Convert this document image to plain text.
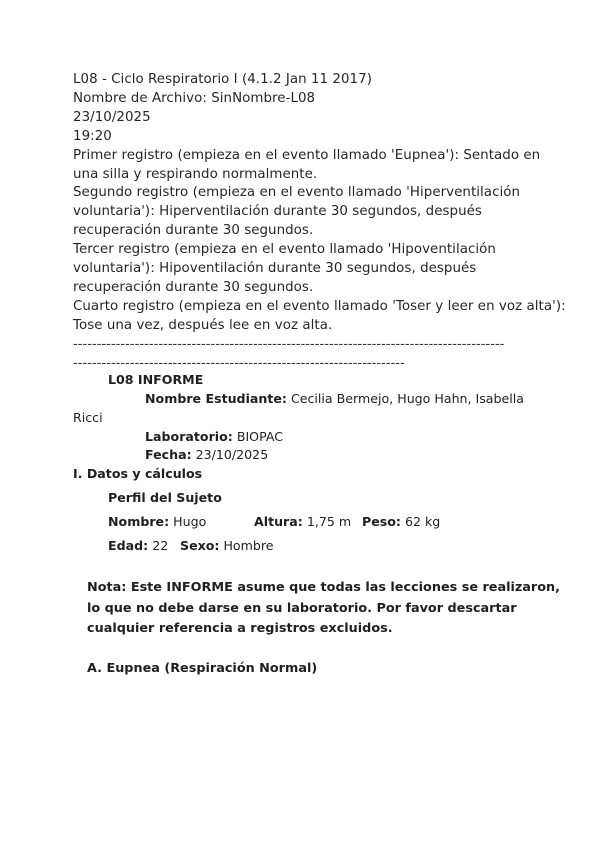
L08 - Ciclo Respiratorio I (4.1.2 Jan 11 2017)
Nombre de Archivo: SinNombre-L08
23/10/2025
19:20
Primer registro (empieza en el evento llamado 'Eupnea'): Sentado en
una silla y respirando normalmente.
Segundo registro (empieza en el evento llamado 'Hiperventilación
voluntaria'): Hiperventilación durante 30 segundos, después
recuperación durante 30 segundos.
Tercer registro (empieza en el evento llamado 'Hipoventilación
voluntaria'): Hipoventilación durante 30 segundos, después
recuperación durante 30 segundos.
Cuarto registro (empieza en el evento llamado 'Toser y leer en voz alta'):
Tose una vez, después lee en voz alta.
-------------------------------------------------------------------------------------------
----------------------------------------------------------------------
L08 INFORME
Nombre Estudiante: Cecilia Bermejo, Hugo Hahn, Isabella
Ricci
Laboratorio: BIOPAC
Fecha: 23/10/2025
I. Datos y cálculos
Perfil del Sujeto
Nombre: Hugo	Altura: 1,75 m Peso: 62 kg
Edad: 22 Sexo: Hombre
Nota: Este INFORME asume que todas las lecciones se realizaron,
lo que no debe darse en su laboratorio. Por favor descartar
cualquier referencia a registros excluidos.
A. Eupnea (Respiración Normal)
